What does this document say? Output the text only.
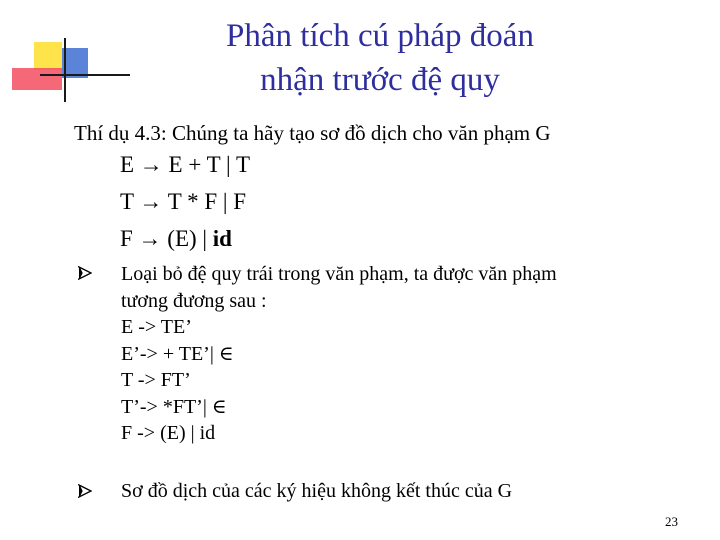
Phân tích cú pháp đoán
nhận trước đệ quy
Thí dụ 4.3: Chúng ta hãy tạo sơ đồ dịch cho văn phạm G
E → E + T | T
T → T * F | F
F → (E) | id
Loại bỏ đệ quy trái trong văn phạm, ta được văn phạm
tương đương sau :
E -> TE’
E’-> + TE’| ∈
T -> FT’
T’-> *FT’| ∈
F -> (E) | id
Sơ đồ dịch của các ký hiệu không kết thúc của G
23
